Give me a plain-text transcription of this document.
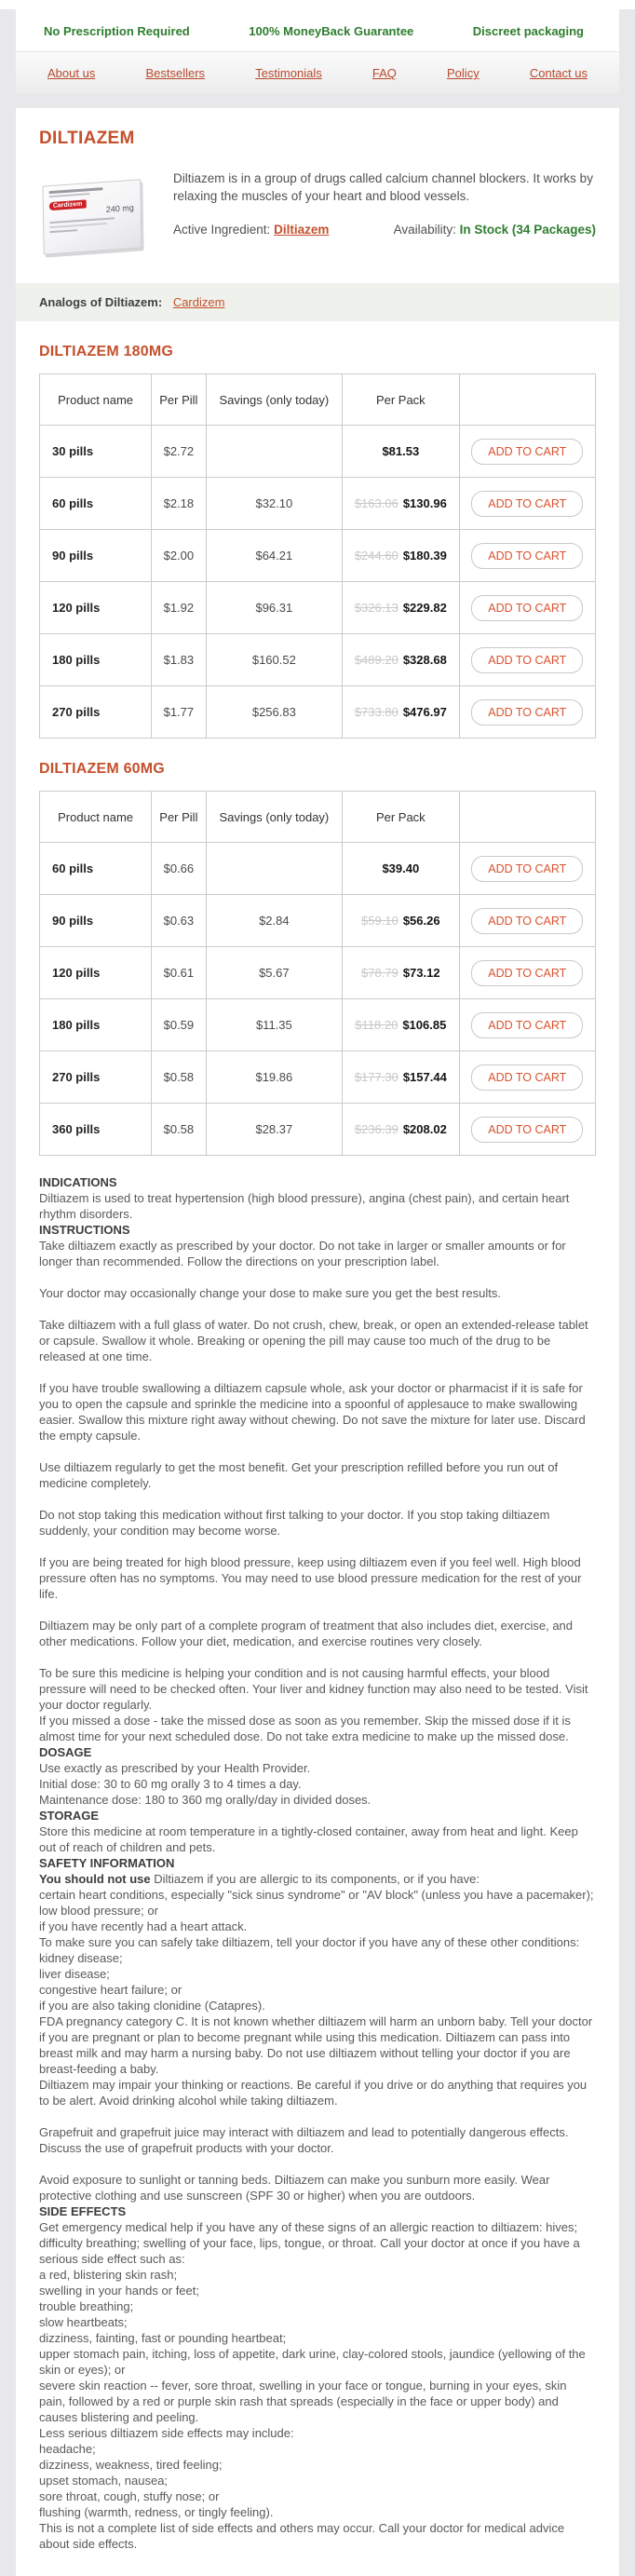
No Prescription Required	100% MoneyBack Guarantee	Discreet packaging
About us	Bestsellers	Testimonials	FAQ	Policy	Contact us
DILTIAZEM
Cardizem	240 mg
Diltiazem is in a group of drugs called calcium channel blockers. It works by relaxing the muscles of your heart and blood vessels.
Active Ingredient: Diltiazem	Availability: In Stock (34 Packages)
Analogs of Diltiazem: Cardizem
DILTIAZEM 180MG
Product name	Per Pill	Savings (only today)	Per Pack	
30 pills	$2.72		$81.53	ADD TO CART
60 pills	$2.18	$32.10	$163.06 $130.96	ADD TO CART
90 pills	$2.00	$64.21	$244.60 $180.39	ADD TO CART
120 pills	$1.92	$96.31	$326.13 $229.82	ADD TO CART
180 pills	$1.83	$160.52	$489.20 $328.68	ADD TO CART
270 pills	$1.77	$256.83	$733.80 $476.97	ADD TO CART
DILTIAZEM 60MG
Product name	Per Pill	Savings (only today)	Per Pack	
60 pills	$0.66		$39.40	ADD TO CART
90 pills	$0.63	$2.84	$59.10 $56.26	ADD TO CART
120 pills	$0.61	$5.67	$78.79 $73.12	ADD TO CART
180 pills	$0.59	$11.35	$118.20 $106.85	ADD TO CART
270 pills	$0.58	$19.86	$177.30 $157.44	ADD TO CART
360 pills	$0.58	$28.37	$236.39 $208.02	ADD TO CART

INDICATIONS

Diltiazem is used to treat hypertension (high blood pressure), angina (chest pain), and certain heart rhythm disorders.

INSTRUCTIONS

Take diltiazem exactly as prescribed by your doctor. Do not take in larger or smaller amounts or for longer than recommended. Follow the directions on your prescription label.

Your doctor may occasionally change your dose to make sure you get the best results.

Take diltiazem with a full glass of water. Do not crush, chew, break, or open an extended-release tablet or capsule. Swallow it whole. Breaking or opening the pill may cause too much of the drug to be released at one time.

If you have trouble swallowing a diltiazem capsule whole, ask your doctor or pharmacist if it is safe for you to open the capsule and sprinkle the medicine into a spoonful of applesauce to make swallowing easier. Swallow this mixture right away without chewing. Do not save the mixture for later use. Discard the empty capsule.

Use diltiazem regularly to get the most benefit. Get your prescription refilled before you run out of medicine completely.

Do not stop taking this medication without first talking to your doctor. If you stop taking diltiazem suddenly, your condition may become worse.

If you are being treated for high blood pressure, keep using diltiazem even if you feel well. High blood pressure often has no symptoms. You may need to use blood pressure medication for the rest of your life.

Diltiazem may be only part of a complete program of treatment that also includes diet, exercise, and other medications. Follow your diet, medication, and exercise routines very closely.

To be sure this medicine is helping your condition and is not causing harmful effects, your blood pressure will need to be checked often. Your liver and kidney function may also need to be tested. Visit your doctor regularly.

If you missed a dose - take the missed dose as soon as you remember. Skip the missed dose if it is almost time for your next scheduled dose. Do not take extra medicine to make up the missed dose.

DOSAGE

Use exactly as prescribed by your Health Provider.

Initial dose: 30 to 60 mg orally 3 to 4 times a day.

Maintenance dose: 180 to 360 mg orally/day in divided doses.

STORAGE

Store this medicine at room temperature in a tightly-closed container, away from heat and light. Keep out of reach of children and pets.

SAFETY INFORMATION

You should not use Diltiazem if you are allergic to its components, or if you have:

certain heart conditions, especially "sick sinus syndrome" or "AV block" (unless you have a pacemaker);

low blood pressure; or

if you have recently had a heart attack.

To make sure you can safely take diltiazem, tell your doctor if you have any of these other conditions:

kidney disease;

liver disease;

congestive heart failure; or

if you are also taking clonidine (Catapres).

FDA pregnancy category C. It is not known whether diltiazem will harm an unborn baby. Tell your doctor if you are pregnant or plan to become pregnant while using this medication. Diltiazem can pass into breast milk and may harm a nursing baby. Do not use diltiazem without telling your doctor if you are breast-feeding a baby.

Diltiazem may impair your thinking or reactions. Be careful if you drive or do anything that requires you to be alert. Avoid drinking alcohol while taking diltiazem.

Grapefruit and grapefruit juice may interact with diltiazem and lead to potentially dangerous effects. Discuss the use of grapefruit products with your doctor.

Avoid exposure to sunlight or tanning beds. Diltiazem can make you sunburn more easily. Wear protective clothing and use sunscreen (SPF 30 or higher) when you are outdoors.

SIDE EFFECTS

Get emergency medical help if you have any of these signs of an allergic reaction to diltiazem: hives; difficulty breathing; swelling of your face, lips, tongue, or throat. Call your doctor at once if you have a serious side effect such as:

a red, blistering skin rash;

swelling in your hands or feet;

trouble breathing;

slow heartbeats;

dizziness, fainting, fast or pounding heartbeat;

upper stomach pain, itching, loss of appetite, dark urine, clay-colored stools, jaundice (yellowing of the skin or eyes); or

severe skin reaction -- fever, sore throat, swelling in your face or tongue, burning in your eyes, skin pain, followed by a red or purple skin rash that spreads (especially in the face or upper body) and causes blistering and peeling.

Less serious diltiazem side effects may include:

headache;

dizziness, weakness, tired feeling;

upset stomach, nausea;

sore throat, cough, stuffy nose; or

flushing (warmth, redness, or tingly feeling).

This is not a complete list of side effects and others may occur. Call your doctor for medical advice about side effects.
